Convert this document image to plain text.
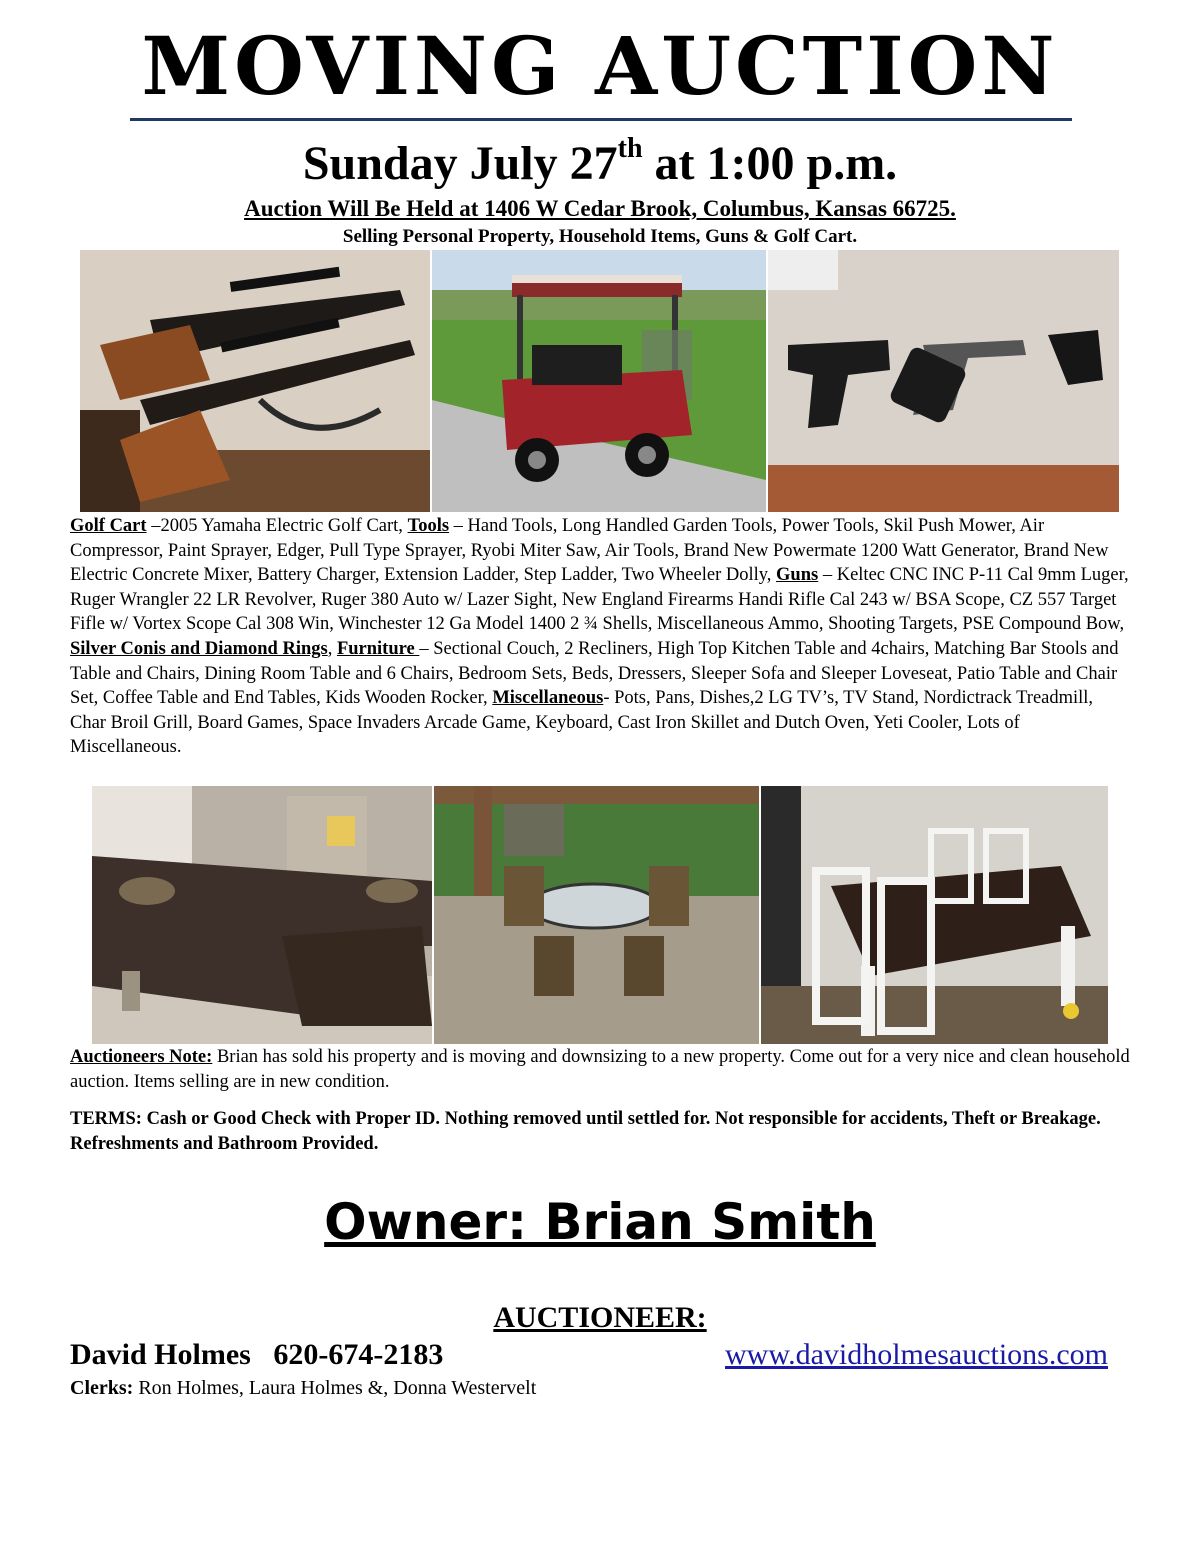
MOVING AUCTION
Sunday July 27th at 1:00 p.m.
Auction Will Be Held at 1406 W Cedar Brook, Columbus, Kansas 66725.
Selling Personal Property, Household Items, Guns & Golf Cart.
Golf Cart –2005 Yamaha Electric Golf Cart, Tools – Hand Tools, Long Handled Garden Tools, Power Tools, Skil Push Mower, Air Compressor, Paint Sprayer, Edger, Pull Type Sprayer, Ryobi Miter Saw, Air Tools, Brand New Powermate 1200 Watt Generator, Brand New Electric Concrete Mixer, Battery Charger, Extension Ladder, Step Ladder, Two Wheeler Dolly, Guns – Keltec CNC INC P-11 Cal 9mm Luger, Ruger Wrangler 22 LR Revolver, Ruger 380 Auto w/ Lazer Sight, New England Firearms Handi Rifle Cal 243 w/ BSA Scope, CZ 557 Target Fifle w/ Vortex Scope Cal 308 Win, Winchester 12 Ga Model 1400 2 ¾ Shells, Miscellaneous Ammo, Shooting Targets, PSE Compound Bow, Silver Conis and Diamond Rings, Furniture – Sectional Couch, 2 Recliners, High Top Kitchen Table and 4chairs, Matching Bar Stools and Table and Chairs, Dining Room Table and 6 Chairs, Bedroom Sets, Beds, Dressers, Sleeper Sofa and Sleeper Loveseat, Patio Table and Chair Set, Coffee Table and End Tables, Kids Wooden Rocker, Miscellaneous- Pots, Pans, Dishes,2 LG TV’s, TV Stand, Nordictrack Treadmill, Char Broil Grill, Board Games, Space Invaders Arcade Game, Keyboard, Cast Iron Skillet and Dutch Oven, Yeti Cooler, Lots of Miscellaneous.
Auctioneers Note: Brian has sold his property and is moving and downsizing to a new property. Come out for a very nice and clean household auction. Items selling are in new condition.
TERMS: Cash or Good Check with Proper ID. Nothing removed until settled for. Not responsible for accidents, Theft or Breakage. Refreshments and Bathroom Provided.
Owner: Brian Smith
AUCTIONEER:
David Holmes   620-674-2183	www.davidholmesauctions.com
Clerks: Ron Holmes, Laura Holmes &, Donna Westervelt
